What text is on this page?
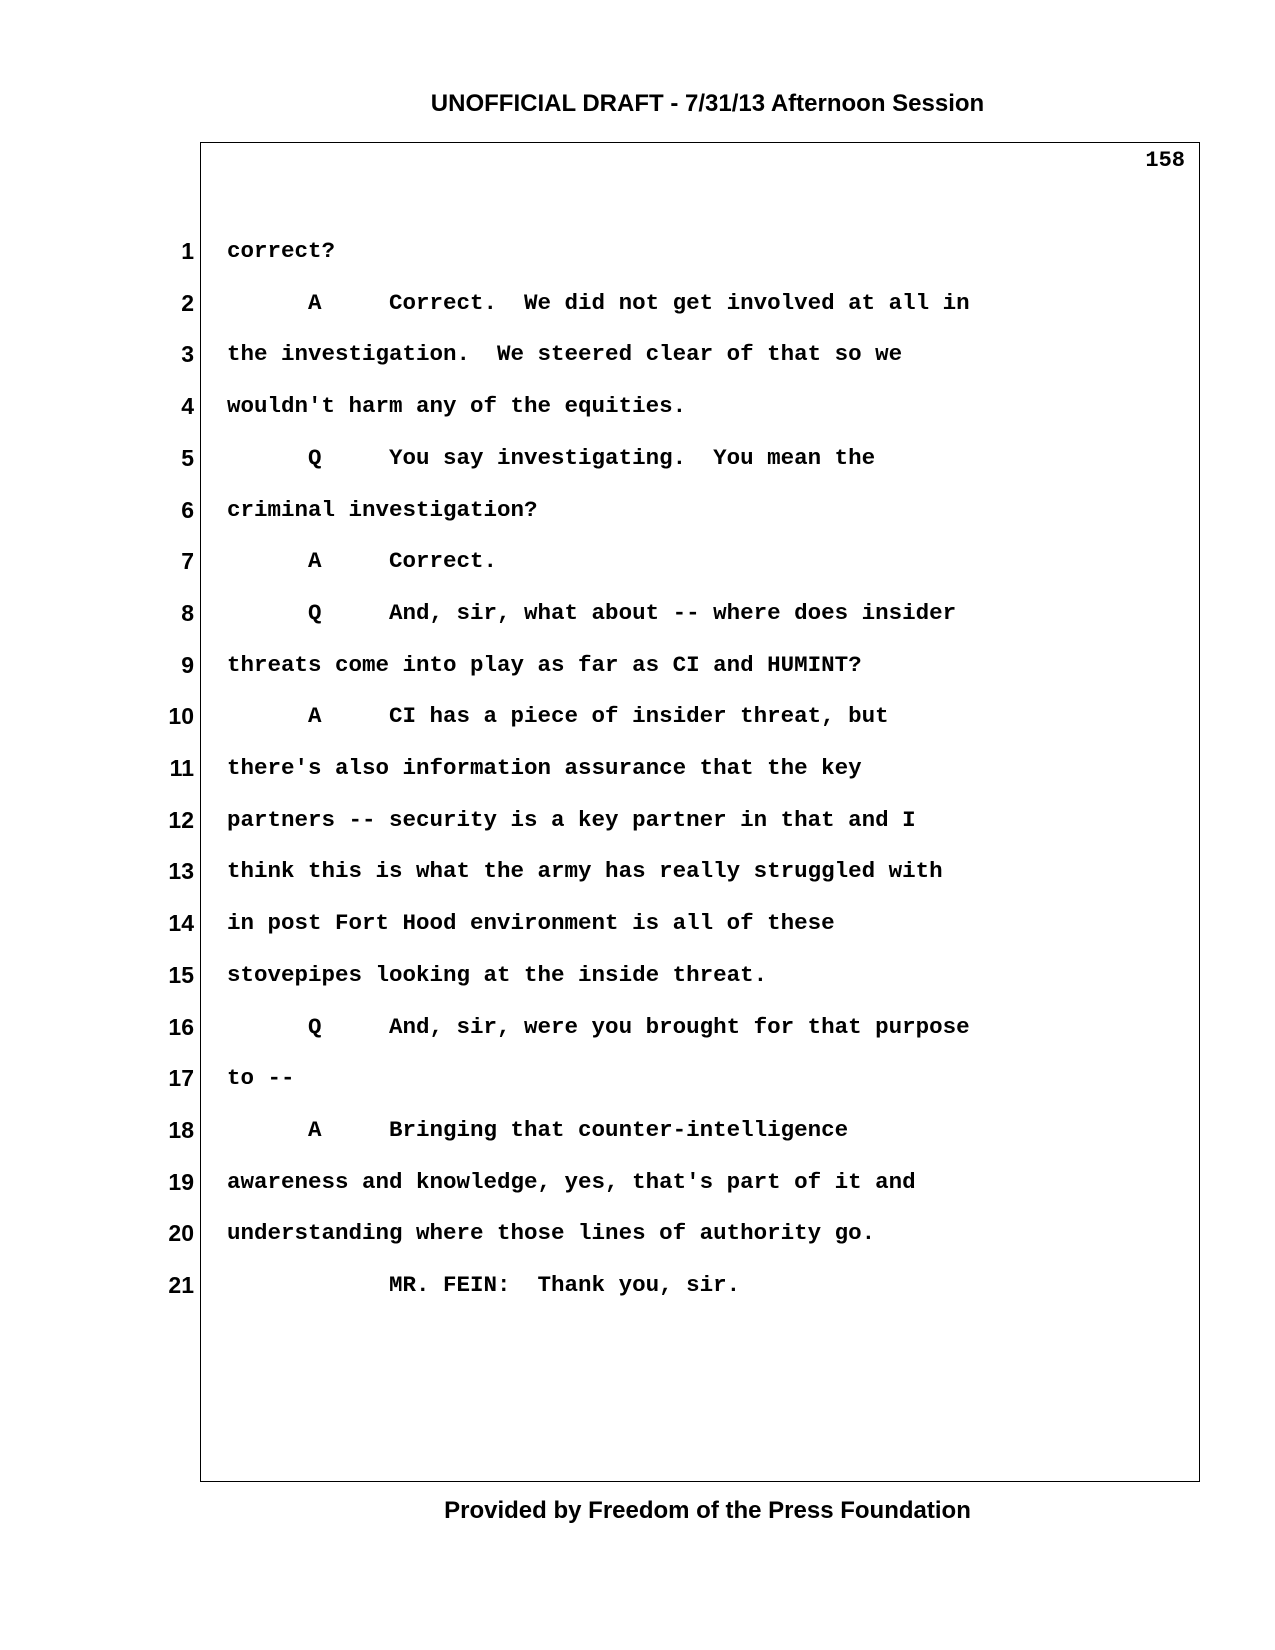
UNOFFICIAL DRAFT - 7/31/13 Afternoon Session
158
1 correct?
2 A     Correct.  We did not get involved at all in
3 the investigation.  We steered clear of that so we
4 wouldn't harm any of the equities.
5 Q     You say investigating.  You mean the
6 criminal investigation?
7 A     Correct.
8 Q     And, sir, what about -- where does insider
9 threats come into play as far as CI and HUMINT?
10 A     CI has a piece of insider threat, but
11 there's also information assurance that the key
12 partners -- security is a key partner in that and I
13 think this is what the army has really struggled with
14 in post Fort Hood environment is all of these
15 stovepipes looking at the inside threat.
16 Q     And, sir, were you brought for that purpose
17 to --
18 A     Bringing that counter-intelligence
19 awareness and knowledge, yes, that's part of it and
20 understanding where those lines of authority go.
21 MR. FEIN:  Thank you, sir.
Provided by Freedom of the Press Foundation
